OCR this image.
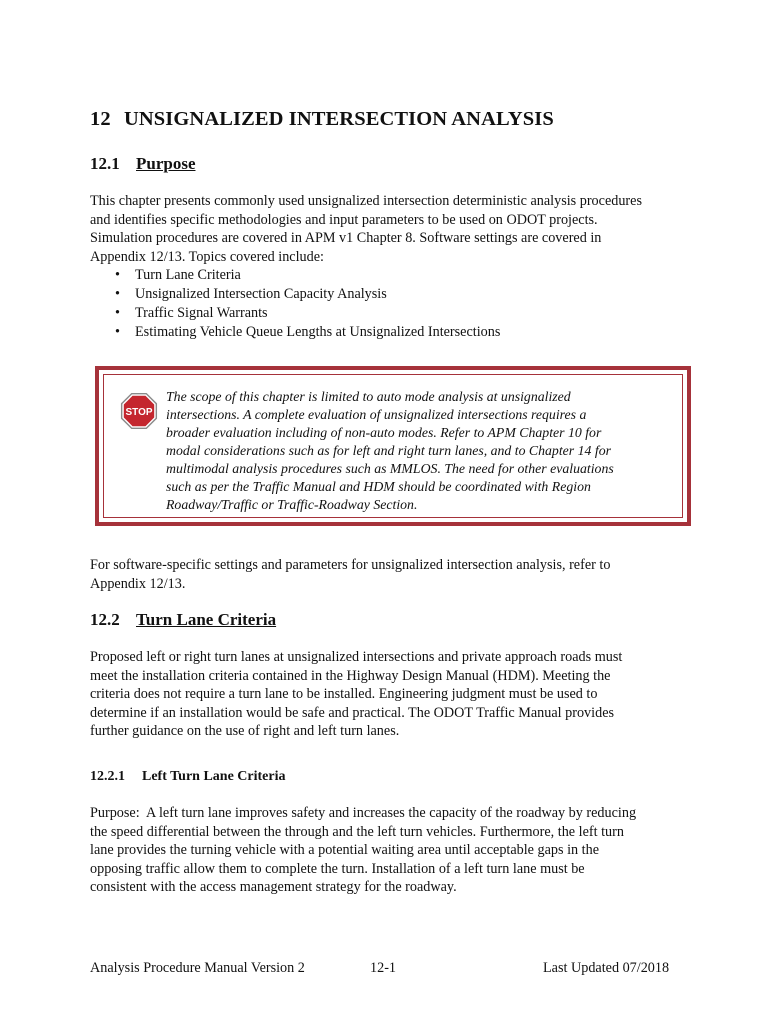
12 UNSIGNALIZED INTERSECTION ANALYSIS
12.1 Purpose
This chapter presents commonly used unsignalized intersection deterministic analysis procedures
and identifies specific methodologies and input parameters to be used on ODOT projects.
Simulation procedures are covered in APM v1 Chapter 8. Software settings are covered in
Appendix 12/13. Topics covered include:
• Turn Lane Criteria
• Unsignalized Intersection Capacity Analysis
• Traffic Signal Warrants
• Estimating Vehicle Queue Lengths at Unsignalized Intersections
STOP
The scope of this chapter is limited to auto mode analysis at unsignalized
intersections. A complete evaluation of unsignalized intersections requires a
broader evaluation including of non-auto modes. Refer to APM Chapter 10 for
modal considerations such as for left and right turn lanes, and to Chapter 14 for
multimodal analysis procedures such as MMLOS. The need for other evaluations
such as per the Traffic Manual and HDM should be coordinated with Region
Roadway/Traffic or Traffic-Roadway Section.
For software-specific settings and parameters for unsignalized intersection analysis, refer to
Appendix 12/13.
12.2 Turn Lane Criteria
Proposed left or right turn lanes at unsignalized intersections and private approach roads must
meet the installation criteria contained in the Highway Design Manual (HDM). Meeting the
criteria does not require a turn lane to be installed. Engineering judgment must be used to
determine if an installation would be safe and practical. The ODOT Traffic Manual provides
further guidance on the use of right and left turn lanes.
12.2.1 Left Turn Lane Criteria
Purpose:  A left turn lane improves safety and increases the capacity of the roadway by reducing
the speed differential between the through and the left turn vehicles. Furthermore, the left turn
lane provides the turning vehicle with a potential waiting area until acceptable gaps in the
opposing traffic allow them to complete the turn. Installation of a left turn lane must be
consistent with the access management strategy for the roadway.
Analysis Procedure Manual Version 2	12-1	Last Updated 07/2018
